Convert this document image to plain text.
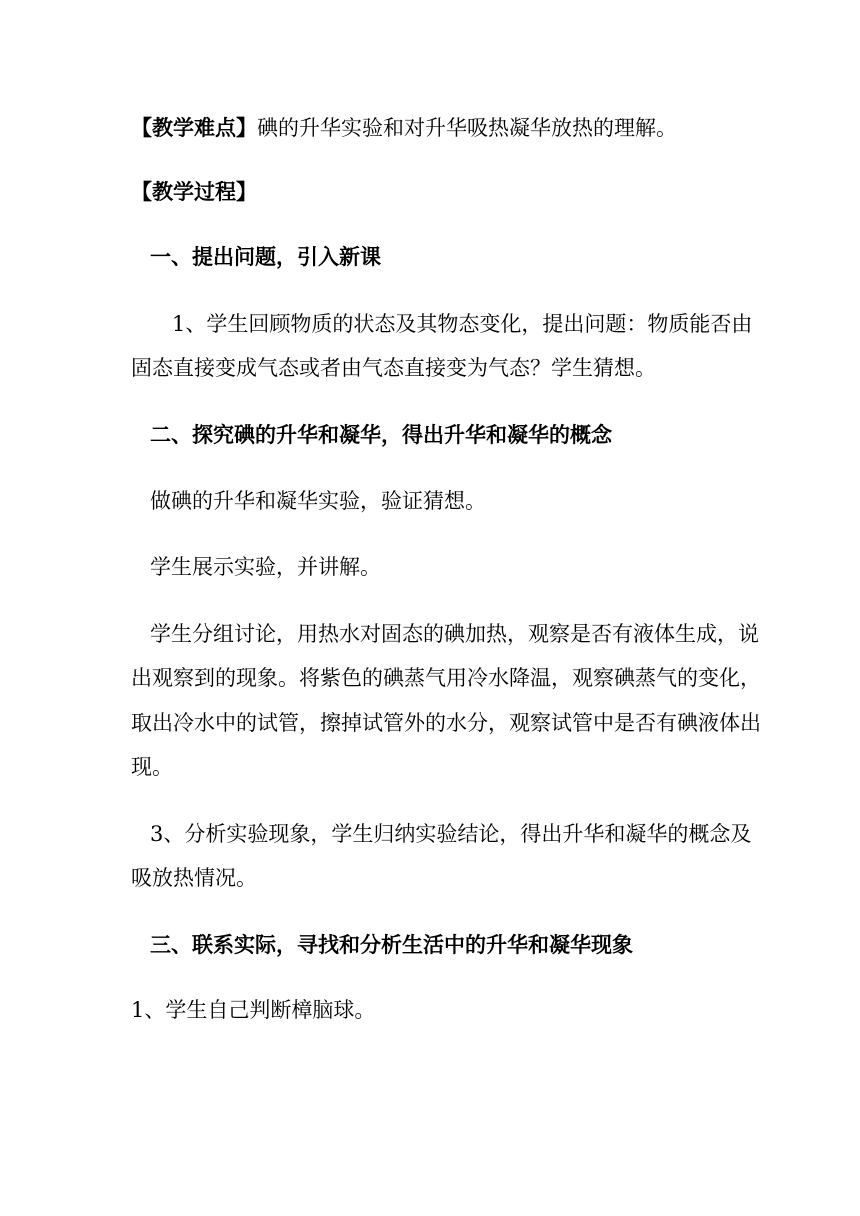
【教学难点】碘的升华实验和对升华吸热凝华放热的理解。
【教学过程】
一、提出问题，引入新课
1、学生回顾物质的状态及其物态变化，提出问题：物质能否由
固态直接变成气态或者由气态直接变为气态？学生猜想。
二、探究碘的升华和凝华，得出升华和凝华的概念
做碘的升华和凝华实验，验证猜想。
学生展示实验，并讲解。
学生分组讨论，用热水对固态的碘加热，观察是否有液体生成，说
出观察到的现象。将紫色的碘蒸气用冷水降温，观察碘蒸气的变化，
取出冷水中的试管，擦掉试管外的水分，观察试管中是否有碘液体出
现。
3、分析实验现象，学生归纳实验结论，得出升华和凝华的概念及
吸放热情况。
三、联系实际，寻找和分析生活中的升华和凝华现象
1、学生自己判断樟脑球。
